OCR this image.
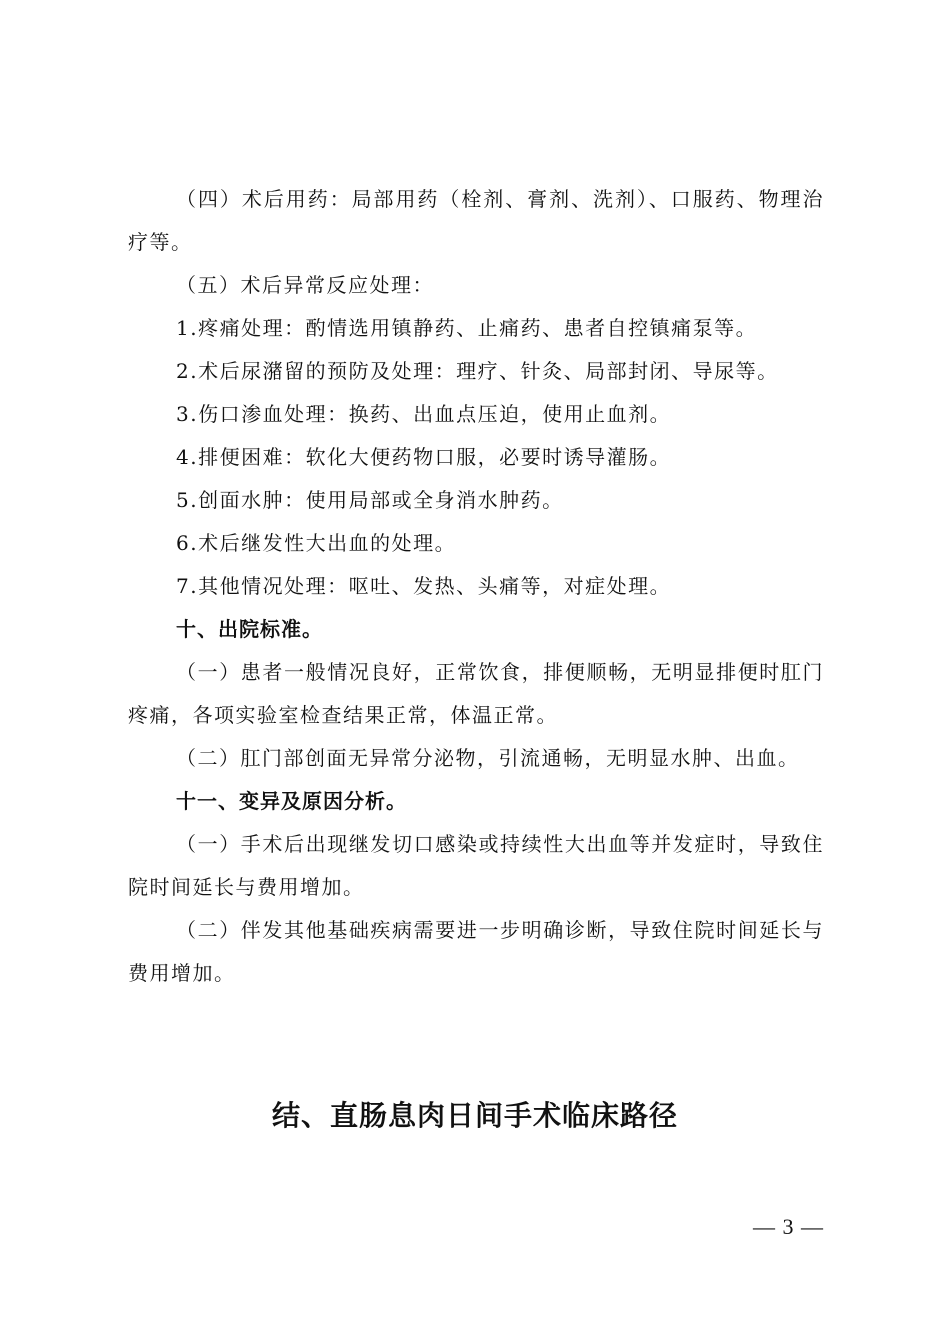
（四）术后用药：局部用药（栓剂、膏剂、洗剂）、口服药、物理治疗等。

（五）术后异常反应处理：

1.疼痛处理：酌情选用镇静药、止痛药、患者自控镇痛泵等。

2.术后尿潴留的预防及处理：理疗、针灸、局部封闭、导尿等。

3.伤口渗血处理：换药、出血点压迫，使用止血剂。

4.排便困难：软化大便药物口服，必要时诱导灌肠。

5.创面水肿：使用局部或全身消水肿药。

6.术后继发性大出血的处理。

7.其他情况处理：呕吐、发热、头痛等，对症处理。

十、出院标准。

（一）患者一般情况良好，正常饮食，排便顺畅，无明显排便时肛门疼痛，各项实验室检查结果正常，体温正常。

（二）肛门部创面无异常分泌物，引流通畅，无明显水肿、出血。

十一、变异及原因分析。

（一）手术后出现继发切口感染或持续性大出血等并发症时，导致住院时间延长与费用增加。

（二）伴发其他基础疾病需要进一步明确诊断，导致住院时间延长与费用增加。

结、直肠息肉日间手术临床路径
— 3 —
